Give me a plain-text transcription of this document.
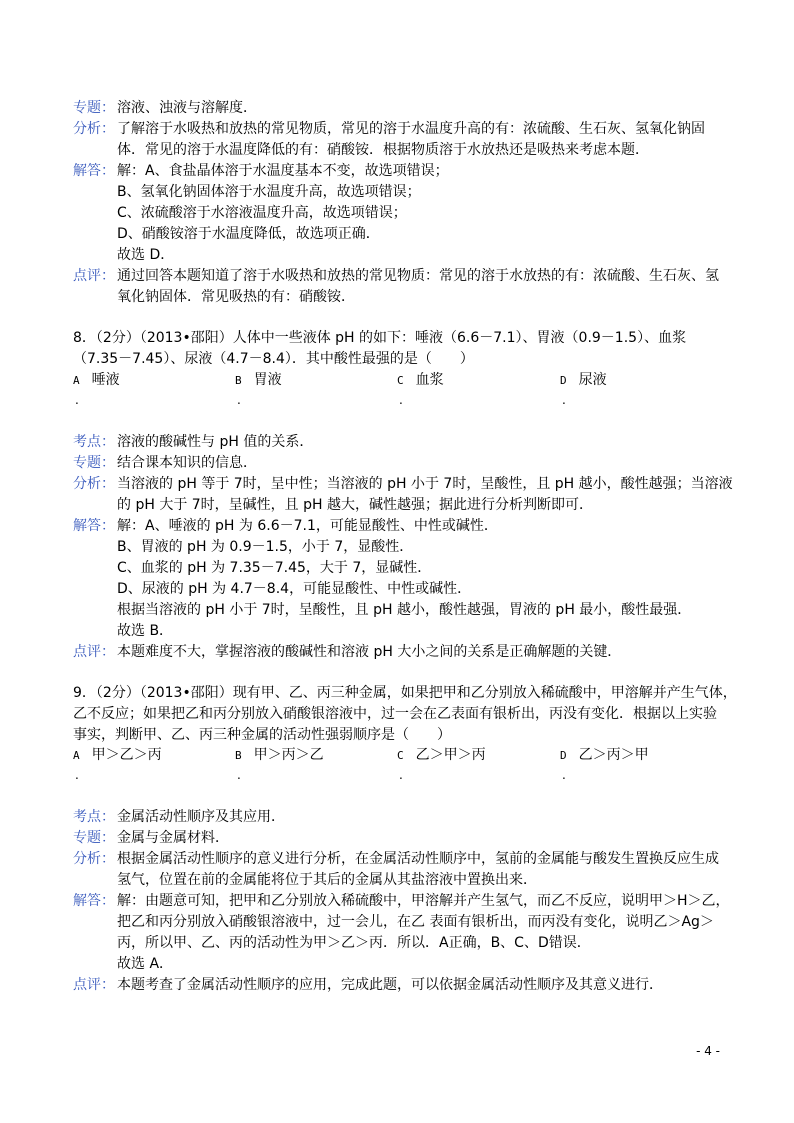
专题： 溶液、浊液与溶解度．
分析： 了解溶于水吸热和放热的常见物质，常见的溶于水温度升高的有：浓硫酸、生石灰、氢氧化钠固
体．常见的溶于水温度降低的有：硝酸铵．根据物质溶于水放热还是吸热来考虑本题．
解答： 解：A、食盐晶体溶于水温度基本不变，故选项错误；
B、氢氧化钠固体溶于水温度升高，故选项错误；
C、浓硫酸溶于水溶液温度升高，故选项错误；
D、硝酸铵溶于水温度降低，故选项正确．
故选 D．
点评： 通过回答本题知道了溶于水吸热和放热的常见物质：常见的溶于水放热的有：浓硫酸、生石灰、氢
氧化钠固体．常见吸热的有：硝酸铵．
8．（2分）（2013•邵阳）人体中一些液体 pH 的如下：唾液（6.6－7.1）、胃液（0.9－1.5）、血浆
（7.35－7.45）、尿液（4.7－8.4）．其中酸性最强的是（　　）
A 唾液	B 胃液	C 血浆	D 尿液
.	.	.	.
考点： 溶液的酸碱性与 pH 值的关系．
专题： 结合课本知识的信息．
分析： 当溶液的 pH 等于 7时，呈中性；当溶液的 pH 小于 7时，呈酸性，且 pH 越小，酸性越强；当溶液
的 pH 大于 7时，呈碱性，且 pH 越大，碱性越强；据此进行分析判断即可．
解答： 解：A、唾液的 pH 为 6.6－7.1，可能显酸性、中性或碱性．
B、胃液的 pH 为 0.9－1.5，小于 7，显酸性．
C、血浆的 pH 为 7.35－7.45，大于 7，显碱性．
D、尿液的 pH 为 4.7－8.4，可能显酸性、中性或碱性．
根据当溶液的 pH 小于 7时，呈酸性，且 pH 越小，酸性越强，胃液的 pH 最小，酸性最强．
故选 B．
点评： 本题难度不大，掌握溶液的酸碱性和溶液 pH 大小之间的关系是正确解题的关键．
9．（2分）（2013•邵阳）现有甲、乙、丙三种金属，如果把甲和乙分别放入稀硫酸中，甲溶解并产生气体，
乙不反应；如果把乙和丙分别放入硝酸银溶液中，过一会在乙表面有银析出，丙没有变化．根据以上实验
事实，判断甲、乙、丙三种金属的活动性强弱顺序是（　　）
A 甲＞乙＞丙	B 甲＞丙＞乙	C 乙＞甲＞丙	D 乙＞丙＞甲
.	.	.	.
考点： 金属活动性顺序及其应用．
专题： 金属与金属材料．
分析： 根据金属活动性顺序的意义进行分析，在金属活动性顺序中，氢前的金属能与酸发生置换反应生成
氢气，位置在前的金属能将位于其后的金属从其盐溶液中置换出来．
解答： 解：由题意可知，把甲和乙分别放入稀硫酸中，甲溶解并产生氢气，而乙不反应，说明甲＞H＞乙，
把乙和丙分别放入硝酸银溶液中，过一会儿，在乙 表面有银析出，而丙没有变化，说明乙＞Ag＞
丙，所以甲、乙、丙的活动性为甲＞乙＞丙．所以．A正确，B、C、D错误．
故选 A．
点评： 本题考查了金属活动性顺序的应用，完成此题，可以依据金属活动性顺序及其意义进行．
- 4 -
